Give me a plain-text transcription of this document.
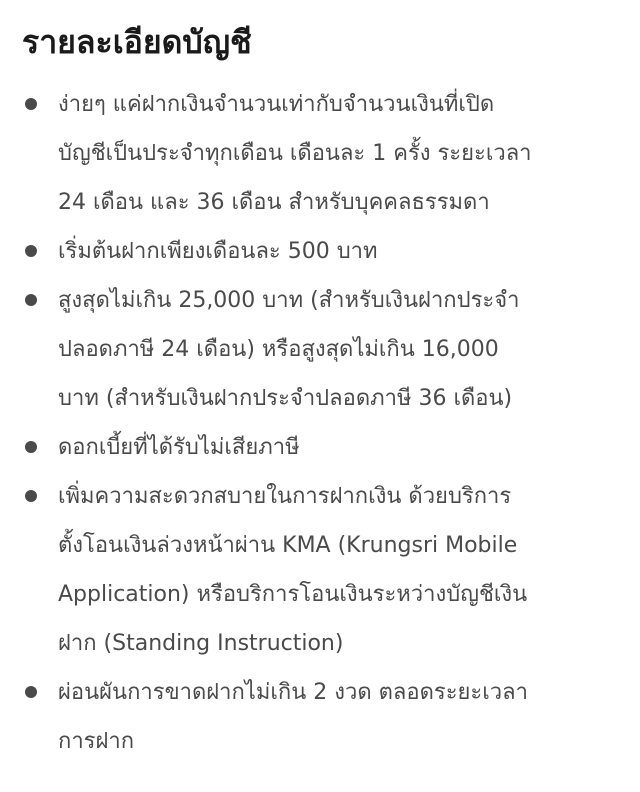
รายละเอียดบัญชี
ง่ายๆ แค่ฝากเงินจำนวนเท่ากับจำนวนเงินที่เปิด
บัญชีเป็นประจำทุกเดือน เดือนละ 1 ครั้ง ระยะเวลา
24 เดือน และ 36 เดือน สำหรับบุคคลธรรมดา
เริ่มต้นฝากเพียงเดือนละ 500 บาท
สูงสุดไม่เกิน 25,000 บาท (สำหรับเงินฝากประจำ
ปลอดภาษี 24 เดือน) หรือสูงสุดไม่เกิน 16,000
บาท (สำหรับเงินฝากประจำปลอดภาษี 36 เดือน)
ดอกเบี้ยที่ได้รับไม่เสียภาษี
เพิ่มความสะดวกสบายในการฝากเงิน ด้วยบริการ
ตั้งโอนเงินล่วงหน้าผ่าน KMA (Krungsri Mobile
Application) หรือบริการโอนเงินระหว่างบัญชีเงิน
ฝาก (Standing Instruction)
ผ่อนผันการขาดฝากไม่เกิน 2 งวด ตลอดระยะเวลา
การฝาก
